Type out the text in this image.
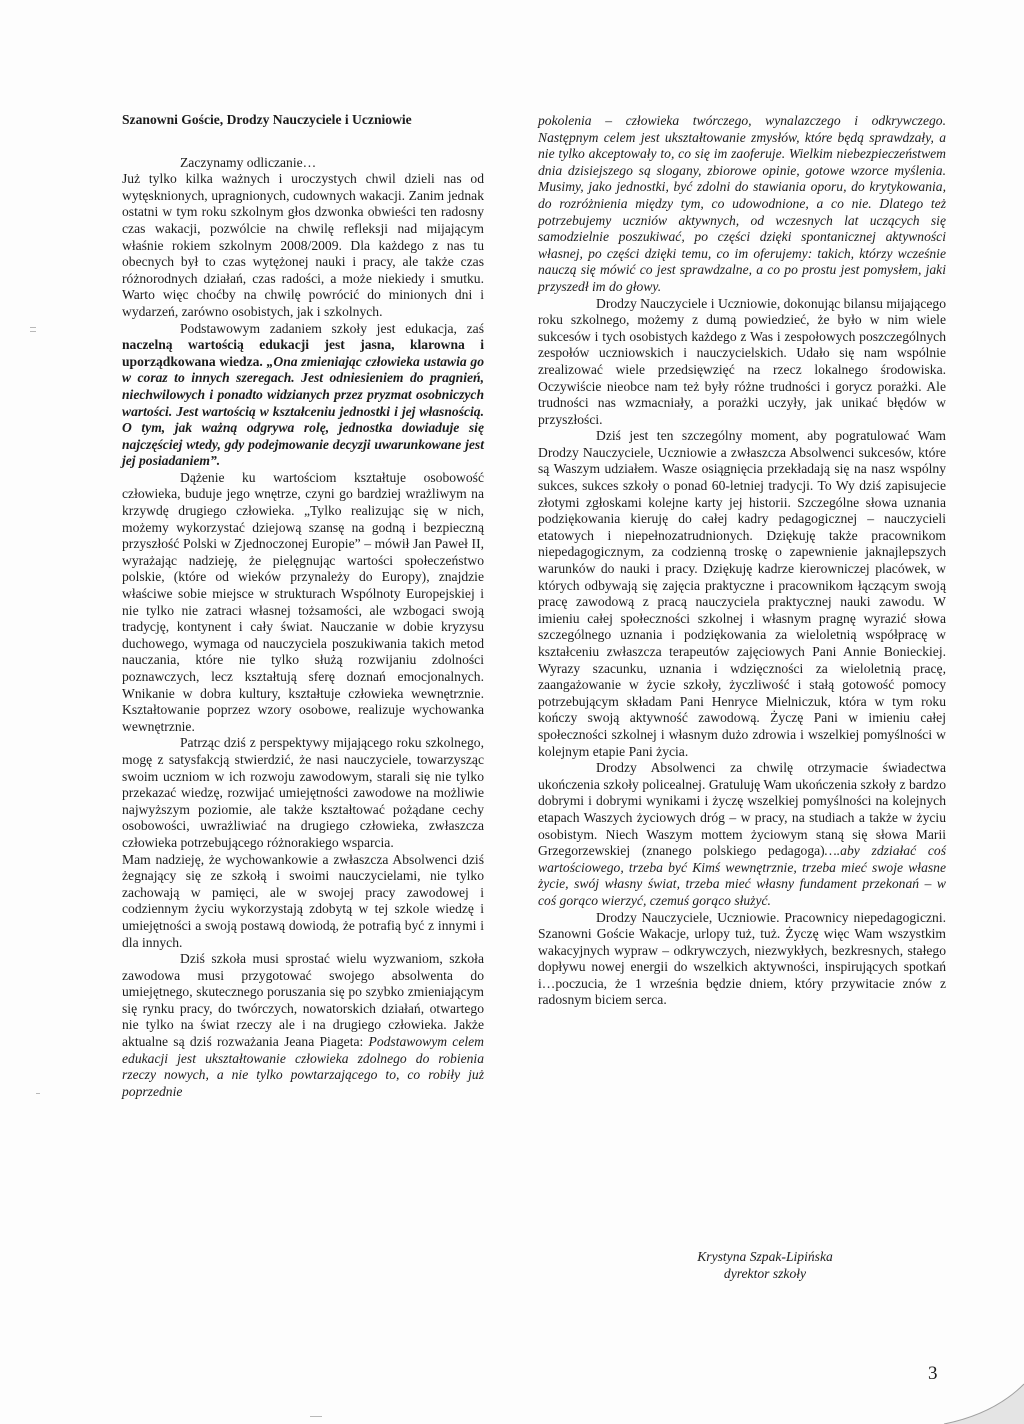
Szanowni Goście, Drodzy Nauczyciele i Uczniowie

Zaczynamy odliczanie…

Już tylko kilka ważnych i uroczystych chwil dzieli nas od wytęsknionych, upragnionych, cudownych wakacji. Zanim jednak ostatni w tym roku szkolnym głos dzwonka obwieści ten radosny czas wakacji, pozwólcie na chwilę refleksji nad mijającym właśnie rokiem szkolnym 2008/2009. Dla każdego z nas tu obecnych był to czas wytężonej nauki i pracy, ale także czas różnorodnych działań, czas radości, a może niekiedy i smutku. Warto więc choćby na chwilę powrócić do minionych dni i wydarzeń, zarówno osobistych, jak i szkolnych.

Podstawowym zadaniem szkoły jest edukacja, zaś naczelną wartością edukacji jest jasna, klarowna i uporządkowana wiedza. „Ona zmieniając człowieka ustawia go w coraz to innych szeregach. Jest odniesieniem do pragnień, niechwilowych i ponadto widzianych przez pryzmat osobniczych wartości. Jest wartością w kształceniu jednostki i jej własnością. O tym, jak ważną odgrywa rolę, jednostka dowiaduje się najczęściej wtedy, gdy podejmowanie decyzji uwarunkowane jest jej posiadaniem”.

Dążenie ku wartościom kształtuje osobowość człowieka, buduje jego wnętrze, czyni go bardziej wrażliwym na krzywdę drugiego człowieka. „Tylko realizując się w nich, możemy wykorzystać dziejową szansę na godną i bezpieczną przyszłość Polski w Zjednoczonej Europie” – mówił Jan Paweł II, wyrażając nadzieję, że pielęgnując wartości społeczeństwo polskie, (które od wieków przynależy do Europy), znajdzie właściwe sobie miejsce w strukturach Wspólnoty Europejskiej i nie tylko nie zatraci własnej tożsamości, ale wzbogaci swoją tradycję, kontynent i cały świat. Nauczanie w dobie kryzysu duchowego, wymaga od nauczyciela poszukiwania takich metod nauczania, które nie tylko służą rozwijaniu zdolności poznawczych, lecz kształtują sferę doznań emocjonalnych. Wnikanie w dobra kultury, kształtuje człowieka wewnętrznie. Kształtowanie poprzez wzory osobowe, realizuje wychowanka wewnętrznie.

Patrząc dziś z perspektywy mijającego roku szkolnego, mogę z satysfakcją stwierdzić, że nasi nauczyciele, towarzysząc swoim uczniom w ich rozwoju zawodowym, starali się nie tylko przekazać wiedzę, rozwijać umiejętności zawodowe na możliwie najwyższym poziomie, ale także kształtować pożądane cechy osobowości, uwrażliwiać na drugiego człowieka, zwłaszcza człowieka potrzebującego różnorakiego wsparcia.

Mam nadzieję, że wychowankowie a zwłaszcza Absolwenci dziś żegnający się ze szkołą i swoimi nauczycielami, nie tylko zachowają w pamięci, ale w swojej pracy zawodowej i codziennym życiu wykorzystają zdobytą w tej szkole wiedzę i umiejętności a swoją postawą dowiodą, że potrafią być z innymi i dla innych.

Dziś szkoła musi sprostać wielu wyzwaniom, szkoła zawodowa musi przygotować swojego absolwenta do umiejętnego, skutecznego poruszania się po szybko zmieniającym się rynku pracy, do twórczych, nowatorskich działań, otwartego nie tylko na świat rzeczy ale i na drugiego człowieka. Jakże aktualne są dziś rozważania Jeana Piageta: Podstawowym celem edukacji jest ukształtowanie człowieka zdolnego do robienia rzeczy nowych, a nie tylko powtarzającego to, co robiły już poprzednie

pokolenia – człowieka twórczego, wynalazczego i odkrywczego. Następnym celem jest ukształtowanie zmysłów, które będą sprawdzały, a nie tylko akceptowały to, co się im zaoferuje. Wielkim niebezpieczeństwem dnia dzisiejszego są slogany, zbiorowe opinie, gotowe wzorce myślenia. Musimy, jako jednostki, być zdolni do stawiania oporu, do krytykowania, do rozróżnienia między tym, co udowodnione, a co nie. Dlatego też potrzebujemy uczniów aktywnych, od wczesnych lat uczących się samodzielnie poszukiwać, po części dzięki spontanicznej aktywności własnej, po części dzięki temu, co im oferujemy: takich, którzy wcześnie nauczą się mówić co jest sprawdzalne, a co po prostu jest pomysłem, jaki przyszedł im do głowy.

Drodzy Nauczyciele i Uczniowie, dokonując bilansu mijającego roku szkolnego, możemy z dumą powiedzieć, że było w nim wiele sukcesów i tych osobistych każdego z Was i zespołowych poszczególnych zespołów uczniowskich i nauczycielskich. Udało się nam wspólnie zrealizować wiele przedsięwzięć na rzecz lokalnego środowiska. Oczywiście nieobce nam też były różne trudności i gorycz porażki. Ale trudności nas wzmacniały, a porażki uczyły, jak unikać błędów w przyszłości.

Dziś jest ten szczególny moment, aby pogratulować Wam Drodzy Nauczyciele, Uczniowie a zwłaszcza Absolwenci sukcesów, które są Waszym udziałem. Wasze osiągnięcia przekładają się na nasz wspólny sukces, sukces szkoły o ponad 60-letniej tradycji. To Wy dziś zapisujecie złotymi zgłoskami kolejne karty jej historii. Szczególne słowa uznania podziękowania kieruję do całej kadry pedagogicznej – nauczycieli etatowych i niepełnozatrudnionych. Dziękuję także pracownikom niepedagogicznym, za codzienną troskę o zapewnienie jaknajlepszych warunków do nauki i pracy. Dziękuję kadrze kierowniczej placówek, w których odbywają się zajęcia praktyczne i pracownikom łączącym swoją pracę zawodową z pracą nauczyciela praktycznej nauki zawodu. W imieniu całej społeczności szkolnej i własnym pragnę wyrazić słowa szczególnego uznania i podziękowania za wieloletnią współpracę w kształceniu zwłaszcza terapeutów zajęciowych Pani Annie Bonieckiej. Wyrazy szacunku, uznania i wdzięczności za wieloletnią pracę, zaangażowanie w życie szkoły, życzliwość i stałą gotowość pomocy potrzebującym składam Pani Henryce Mielniczuk, która w tym roku kończy swoją aktywność zawodową. Życzę Pani w imieniu całej społeczności szkolnej i własnym dużo zdrowia i wszelkiej pomyślności w kolejnym etapie Pani życia.

Drodzy Absolwenci za chwilę otrzymacie świadectwa ukończenia szkoły policealnej. Gratuluję Wam ukończenia szkoły z bardzo dobrymi i dobrymi wynikami i życzę wszelkiej pomyślności na kolejnych etapach Waszych życiowych dróg – w pracy, na studiach a także w życiu osobistym. Niech Waszym mottem życiowym staną się słowa Marii Grzegorzewskiej (znanego polskiego pedagoga)….aby zdziałać coś wartościowego, trzeba być Kimś wewnętrznie, trzeba mieć swoje własne życie, swój własny świat, trzeba mieć własny fundament przekonań – w coś gorąco wierzyć, czemuś gorąco służyć.

Drodzy Nauczyciele, Uczniowie. Pracownicy niepedagogiczni. Szanowni Goście Wakacje, urlopy tuż, tuż. Życzę więc Wam wszystkim wakacyjnych wypraw – odkrywczych, niezwykłych, bezkresnych, stałego dopływu nowej energii do wszelkich aktywności, inspirujących spotkań i…poczucia, że 1 września będzie dniem, który przywitacie znów z radosnym biciem serca.

Krystyna Szpak-Lipińska
dyrektor szkoły
3
